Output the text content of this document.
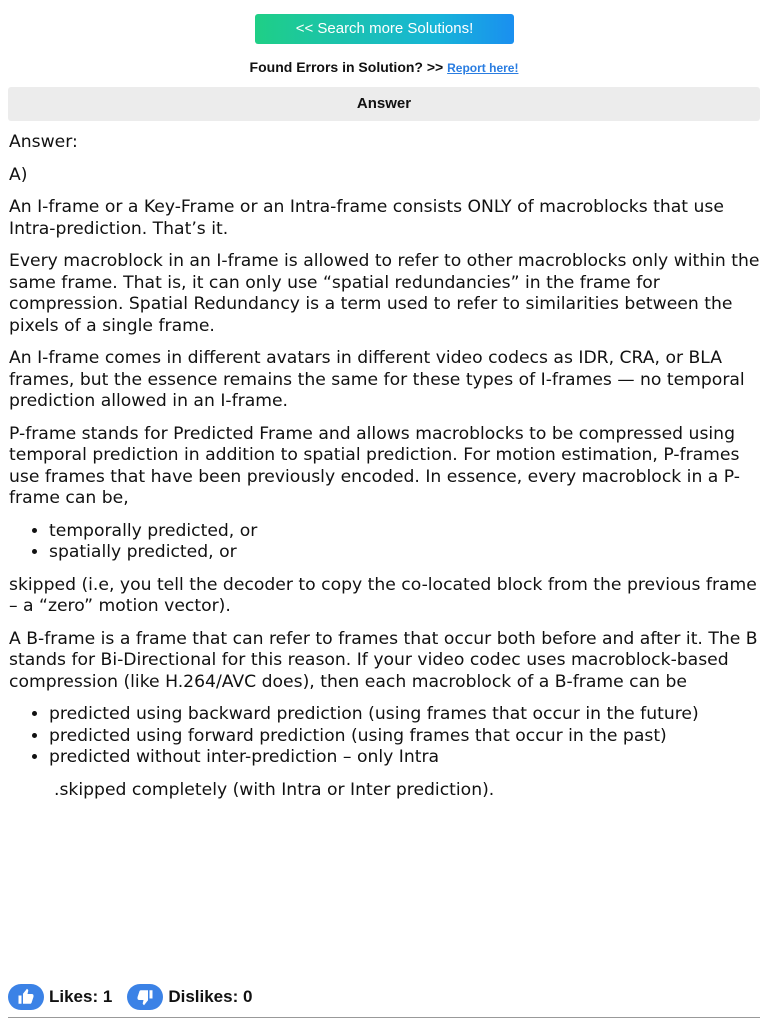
<< Search more Solutions!
Found Errors in Solution? >> Report here!
Answer

Answer:

A)

An I-frame or a Key-Frame or an Intra-frame consists ONLY of macroblocks that use Intra-prediction. That’s it.

Every macroblock in an I-frame is allowed to refer to other macroblocks only within the same frame. That is, it can only use “spatial redundancies” in the frame for compression. Spatial Redundancy is a term used to refer to similarities between the pixels of a single frame.

An I-frame comes in different avatars in different video codecs as IDR, CRA, or BLA frames, but the essence remains the same for these types of I-frames — no temporal prediction allowed in an I-frame.

P-frame stands for Predicted Frame and allows macroblocks to be compressed using temporal prediction in addition to spatial prediction. For motion estimation, P-frames use frames that have been previously encoded. In essence, every macroblock in a P-frame can be,

• temporally predicted, or
• spatially predicted, or

skipped (i.e, you tell the decoder to copy the co-located block from the previous frame – a “zero” motion vector).

A B-frame is a frame that can refer to frames that occur both before and after it. The B stands for Bi-Directional for this reason. If your video codec uses macroblock-based compression (like H.264/AVC does), then each macroblock of a B-frame can be

• predicted using backward prediction (using frames that occur in the future)
• predicted using forward prediction (using frames that occur in the past)
• predicted without inter-prediction – only Intra

.skipped completely (with Intra or Inter prediction).

Likes: 1	Dislikes: 0
